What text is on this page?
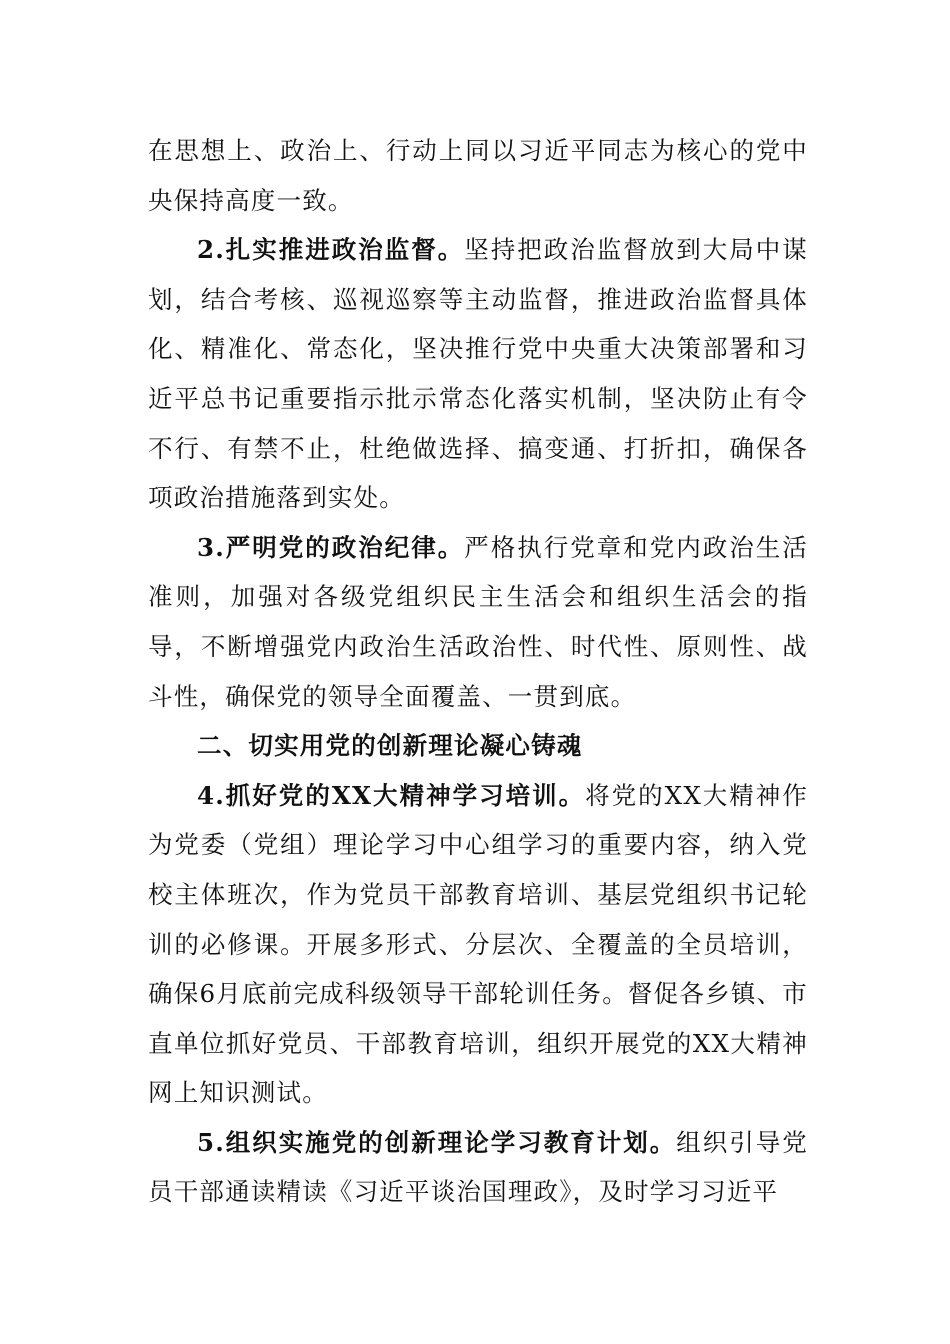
在思想上、政治上、行动上同以习近平同志为核心的党中央保持高度一致。

2.扎实推进政治监督。坚持把政治监督放到大局中谋划，结合考核、巡视巡察等主动监督，推进政治监督具体化、精准化、常态化，坚决推行党中央重大决策部署和习近平总书记重要指示批示常态化落实机制，坚决防止有令不行、有禁不止，杜绝做选择、搞变通、打折扣，确保各项政治措施落到实处。

3.严明党的政治纪律。严格执行党章和党内政治生活准则，加强对各级党组织民主生活会和组织生活会的指导，不断增强党内政治生活政治性、时代性、原则性、战斗性，确保党的领导全面覆盖、一贯到底。

二、切实用党的创新理论凝心铸魂

4.抓好党的XX大精神学习培训。将党的XX大精神作为党委（党组）理论学习中心组学习的重要内容，纳入党校主体班次，作为党员干部教育培训、基层党组织书记轮训的必修课。开展多形式、分层次、全覆盖的全员培训，确保6月底前完成科级领导干部轮训任务。督促各乡镇、市直单位抓好党员、干部教育培训，组织开展党的XX大精神网上知识测试。

5.组织实施党的创新理论学习教育计划。组织引导党员干部通读精读《习近平谈治国理政》，及时学习习近平
